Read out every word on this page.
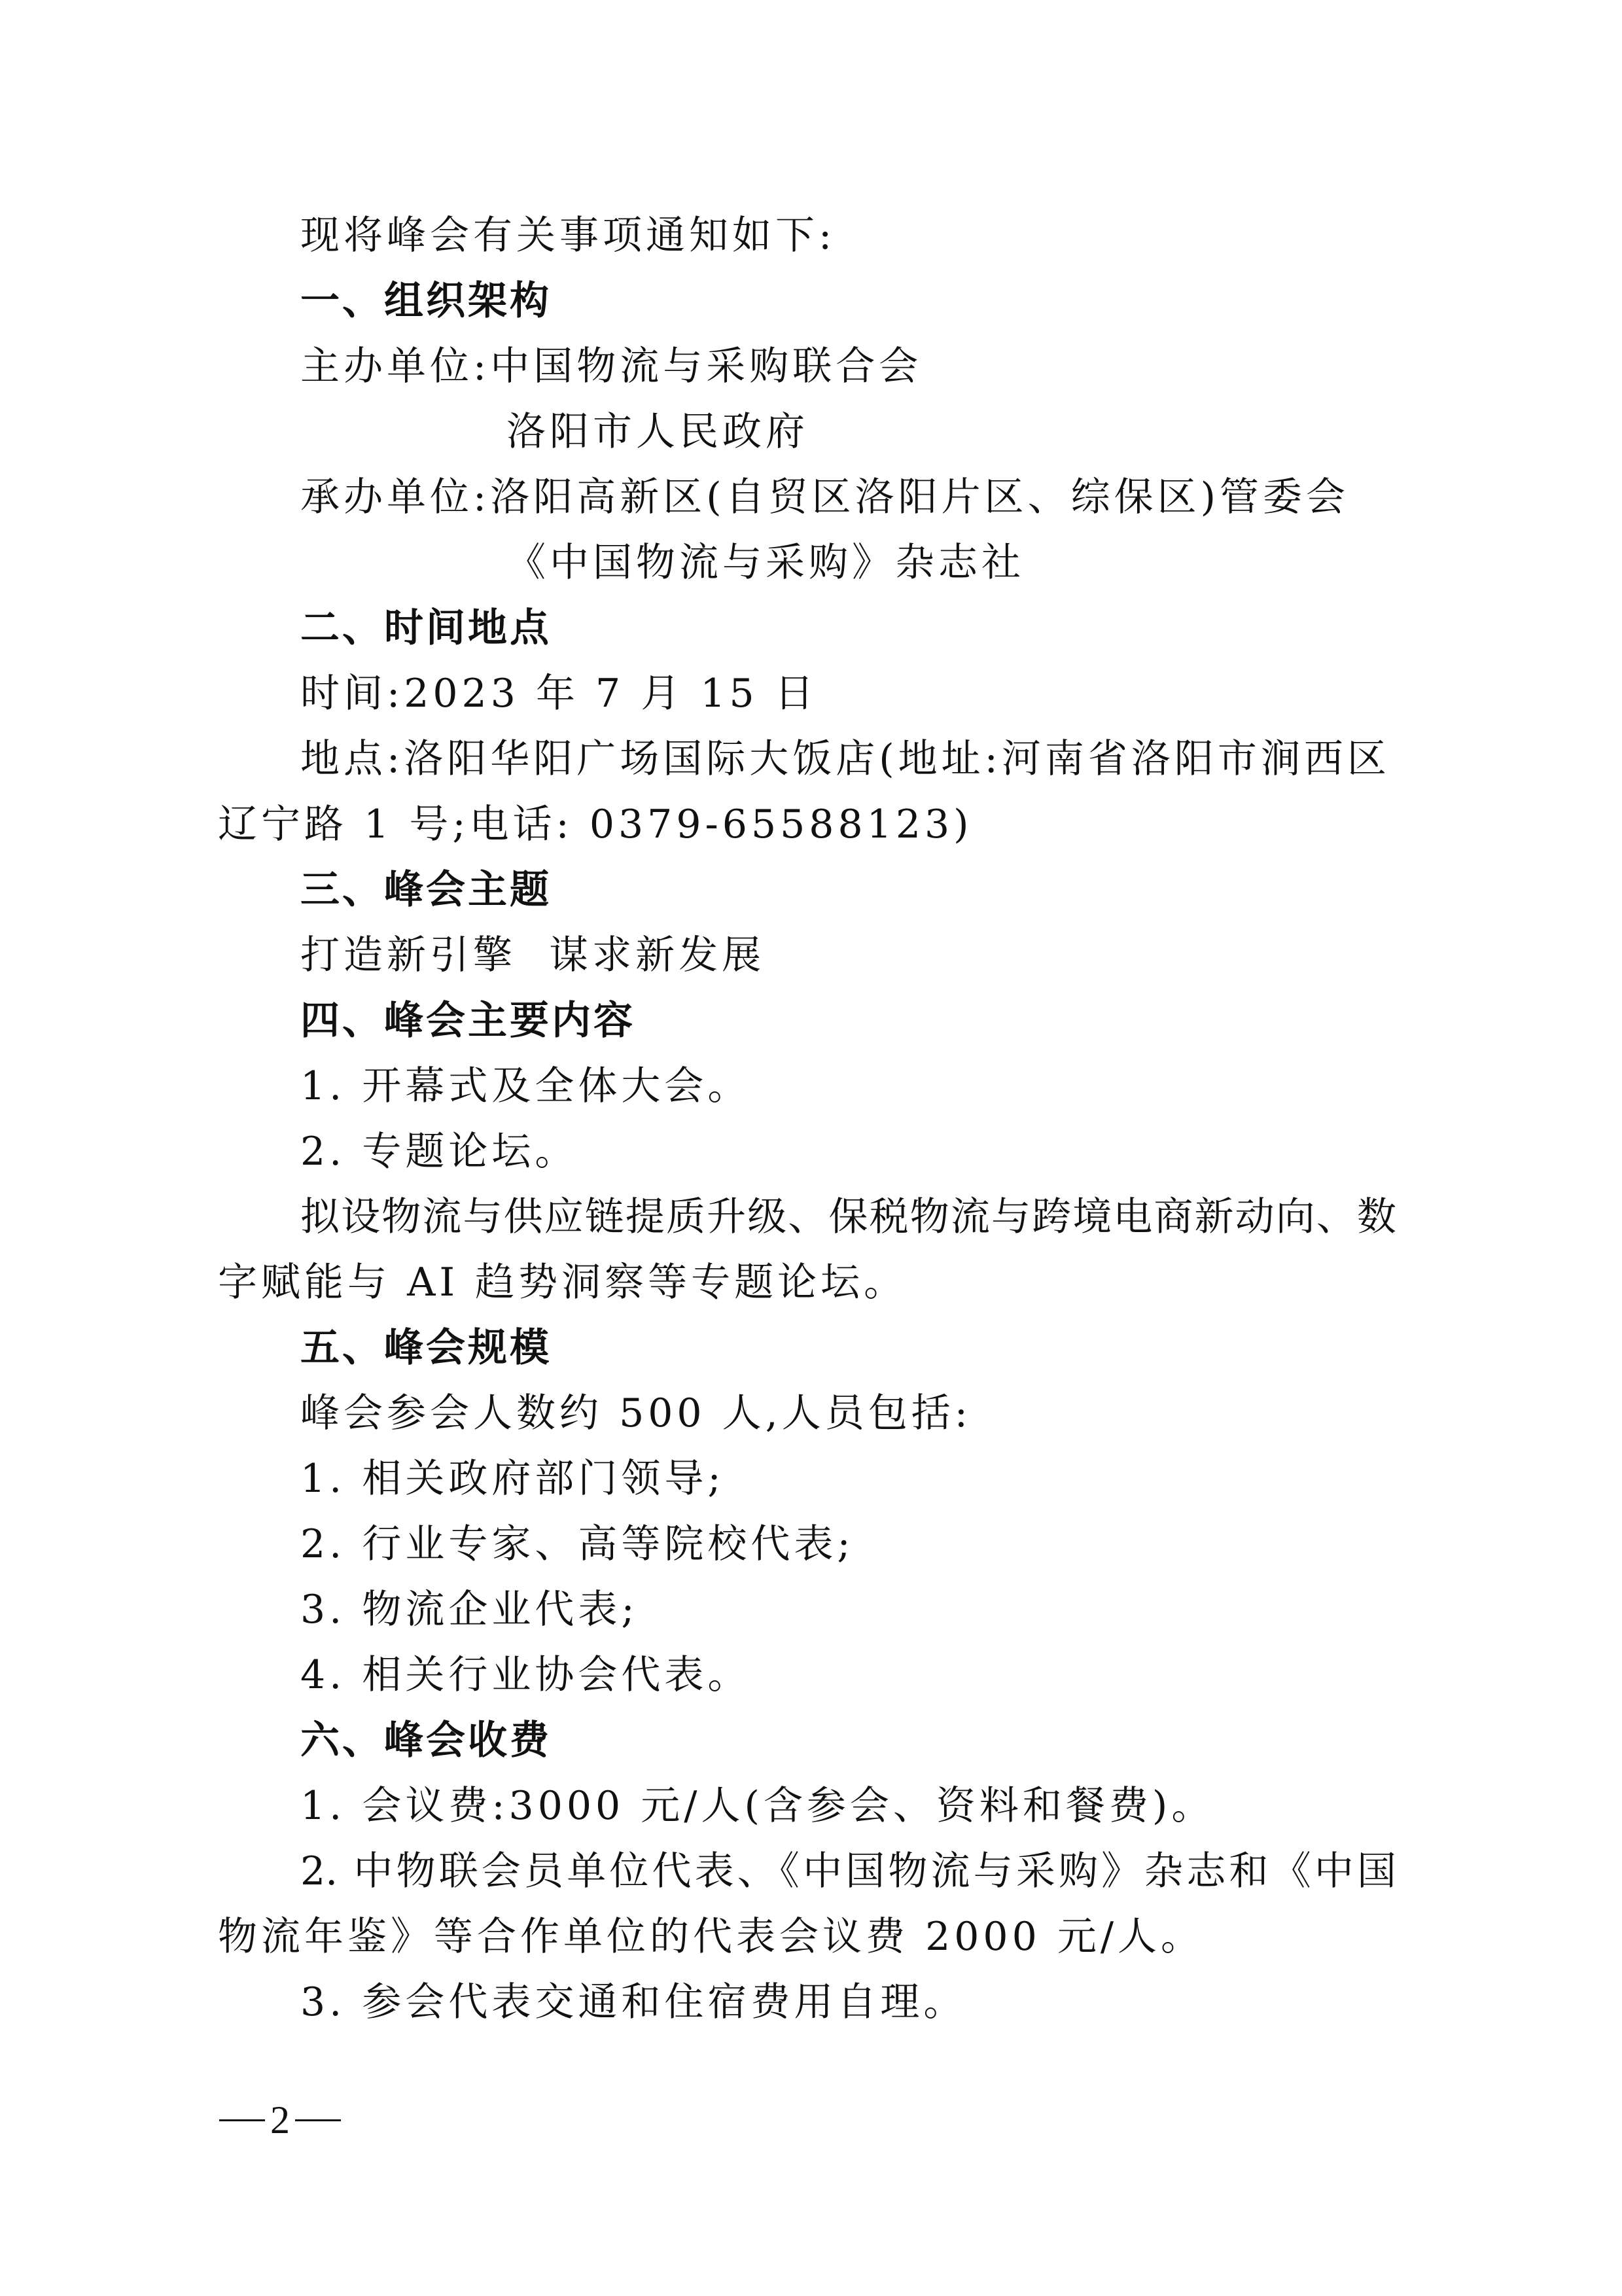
现将峰会有关事项通知如下:
一、组织架构
主办单位:中国物流与采购联合会
洛阳市人民政府
承办单位:洛阳高新区(自贸区洛阳片区、综保区)管委会
《中国物流与采购》杂志社
二、时间地点
时间:2023 年 7 月 15 日
地点:洛阳华阳广场国际大饭店(地址:河南省洛阳市涧西区
辽宁路 1 号;电话: 0379-65588123)
三、峰会主题
打造新引擎  谋求新发展
四、峰会主要内容
1. 开幕式及全体大会。
2. 专题论坛。
拟设物流与供应链提质升级、保税物流与跨境电商新动向、数
字赋能与 AI 趋势洞察等专题论坛。
五、峰会规模
峰会参会人数约 500 人,人员包括:
1. 相关政府部门领导;
2. 行业专家、高等院校代表;
3. 物流企业代表;
4. 相关行业协会代表。
六、峰会收费
1. 会议费:3000 元/人(含参会、资料和餐费)。
2. 中物联会员单位代表、《中国物流与采购》杂志和《中国
物流年鉴》等合作单位的代表会议费 2000 元/人。
3. 参会代表交通和住宿费用自理。
2
